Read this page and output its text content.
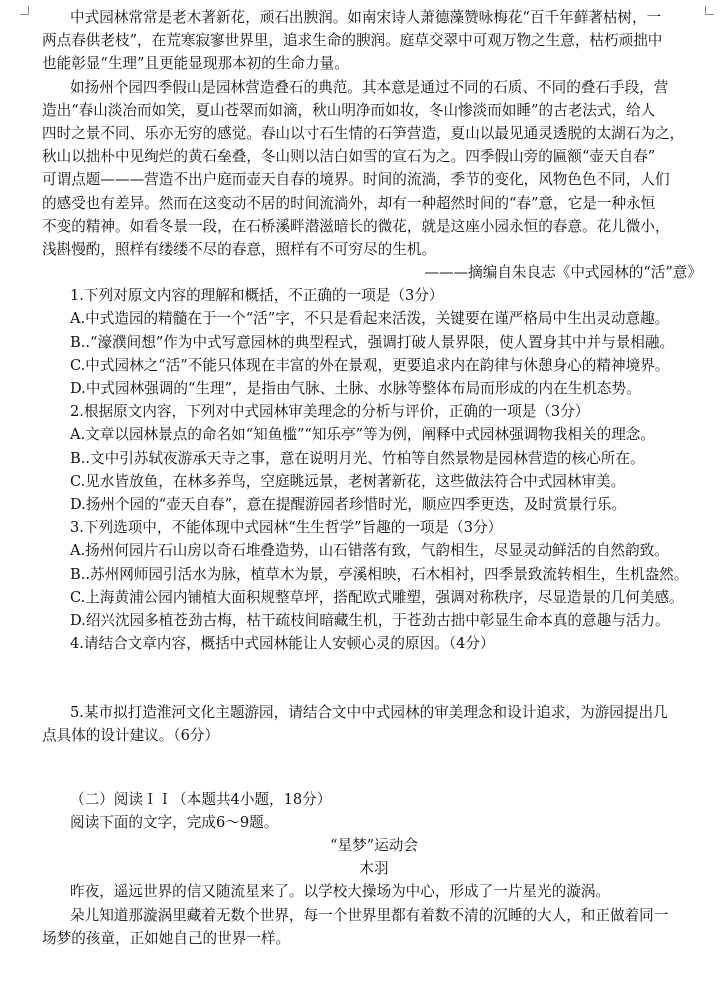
中式园林常常是老木著新花，顽石出腴润。如南宋诗人萧德藻赞咏梅花“百千年藓著枯树，一
两点春供老枝”，在荒寒寂寥世界里，追求生命的腴润。庭草交翠中可观万物之生意，枯朽顽拙中
也能彰显“生理”且更能显现那本初的生命力量。
如扬州个园四季假山是园林营造叠石的典范。其本意是通过不同的石质、不同的叠石手段，营
造出“春山淡冶而如笑，夏山苍翠而如滴，秋山明净而如妆，冬山惨淡而如睡”的古老法式，给人
四时之景不同、乐亦无穷的感觉。春山以寸石生情的石笋营造，夏山以最见通灵透脱的太湖石为之，
秋山以拙朴中见绚烂的黄石垒叠，冬山则以洁白如雪的宣石为之。四季假山旁的匾额“壶天自春”
可谓点题———营造不出户庭而壶天自春的境界。时间的流淌，季节的变化，风物色色不同，人们
的感受也有差异。然而在这变动不居的时间流淌外，却有一种超然时间的“春”意，它是一种永恒
不变的精神。如看冬景一段，在石桥溪畔潜滋暗长的微花，就是这座小园永恒的春意。花儿微小，
浅斟慢酌，照样有缕缕不尽的春意，照样有不可穷尽的生机。
———摘编自朱良志《中式园林的“活”意》
1.下列对原文内容的理解和概括，不正确的一项是（3分）
A.中式造园的精髓在于一个“活”字，不只是看起来活泼，关键要在谨严格局中生出灵动意趣。
B..“濠濮间想”作为中式写意园林的典型程式，强调打破人景界限，使人置身其中并与景相融。
C.中式园林之“活”不能只体现在丰富的外在景观，更要追求内在韵律与休憩身心的精神境界。
D.中式园林强调的“生理”，是指由气脉、土脉、水脉等整体布局而形成的内在生机态势。
2.根据原文内容，下列对中式园林审美理念的分析与评价，正确的一项是（3分）
A.文章以园林景点的命名如“知鱼槛”“知乐亭”等为例，阐释中式园林强调物我相关的理念。
B..文中引苏轼夜游承天寺之事，意在说明月光、竹柏等自然景物是园林营造的核心所在。
C.见水皆放鱼，在林多养鸟，空庭眺远景，老树著新花，这些做法符合中式园林审美。
D.扬州个园的“壶天自春”，意在提醒游园者珍惜时光，顺应四季更迭，及时赏景行乐。
3.下列选项中，不能体现中式园林“生生哲学”旨趣的一项是（3分）
A.扬州何园片石山房以奇石堆叠造势，山石错落有致，气韵相生，尽显灵动鲜活的自然韵致。
B..苏州网师园引活水为脉，植草木为景，亭溪相映，石木相衬，四季景致流转相生，生机盎然。
C.上海黄浦公园内铺植大面积规整草坪，搭配欧式雕塑，强调对称秩序，尽显造景的几何美感。
D.绍兴沈园多植苍劲古梅，枯干疏枝间暗藏生机，于苍劲古拙中彰显生命本真的意趣与活力。
4.请结合文章内容，概括中式园林能让人安顿心灵的原因。（4分）
5.某市拟打造淮河文化主题游园，请结合文中中式园林的审美理念和设计追求，为游园提出几
点具体的设计建议。（6分）
（二）阅读ＩＩ（本题共4小题，18分）
阅读下面的文字，完成6～9题。
“星梦”运动会
木羽
昨夜，遥远世界的信又随流星来了。以学校大操场为中心，形成了一片星光的漩涡。
朵儿知道那漩涡里藏着无数个世界，每一个世界里都有着数不清的沉睡的大人，和正做着同一
场梦的孩童，正如她自己的世界一样。
